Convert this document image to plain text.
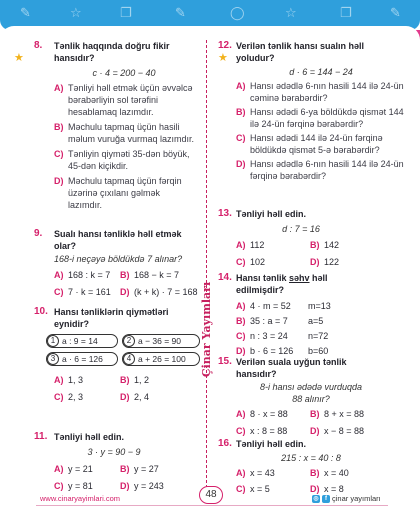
✎	☆	❐	✎	◯	☆	❐	✎
Çinar Yayımları
★
8.	Tənlik haqqında doğru fikir hansıdır?
c · 4 = 200 − 40
A) Tənliyi həll etmək üçün əvvəlcə bərabərliyin sol tərəfini hesablamaq lazımdır.
B) Məchulu tapmaq üçün hasili məlum vuruğa vurmaq lazımdır.
C) Tənliyin qiyməti 35-dən böyük, 45-dən kiçikdir.
D) Məchulu tapmaq üçün fərqin üzərinə çıxılanı gəlmək lazımdır.
9.	Sualı hansı tənliklə həll etmək olar?
168-i neçəyə böldükdə 7 alınar?
A) 168 : k = 7	B) 168 − k = 7
C) 7 · k = 161	D) (k + k) · 7 = 168
10. Hansı tənliklərin qiymətləri eynidir?
1 a : 9 = 14	2 a − 36 = 90
3 a · 6 = 126	4 a + 26 = 100
A) 1, 3	B) 1, 2
C) 2, 3	D) 2, 4
11. Tənliyi həll edin.
3 · y = 90 − 9
A) y = 21	B) y = 27
C) y = 81	D) y = 243
★
12. Verilən tənlik hansı sualın həll yoludur?
d · 6 = 144 − 24
A) Hansı ədədlə 6-nın hasili 144 ilə 24-ün cəminə bərabərdir?
B) Hansı ədədi 6-ya böldükdə qismət 144 ilə 24-ün fərqinə bərabərdir?
C) Hansı ədədi 144 ilə 24-ün fərqinə böldükdə qismət 5-ə bərabərdir?
D) Hansı ədədlə 6-nın hasili 144 ilə 24-ün fərqinə bərabərdir?
13. Tənliyi həll edin.
d : 7 = 16
A) 112	B) 142
C) 102	D) 122
14. Hansı tənlik səhv həll edilmişdir?
A) 4 · m = 52	m=13
B) 35 : a = 7	a=5
C) n : 3 = 24	n=72
D) b · 6 = 126	b=60
15. Verilən suala uyğun tənlik hansıdır?
8-i hansı ədədə vurduqda
88 alınır?
A) 8 · x = 88	B) 8 + x = 88
C) x : 8 = 88	D) x − 8 = 88
16. Tənliyi həll edin.
215 : x = 40 : 8
A) x = 43	B) x = 40
C) x = 5	D) x = 8
www.cinaryayimlari.com	48	◎	f çinar yayımları
